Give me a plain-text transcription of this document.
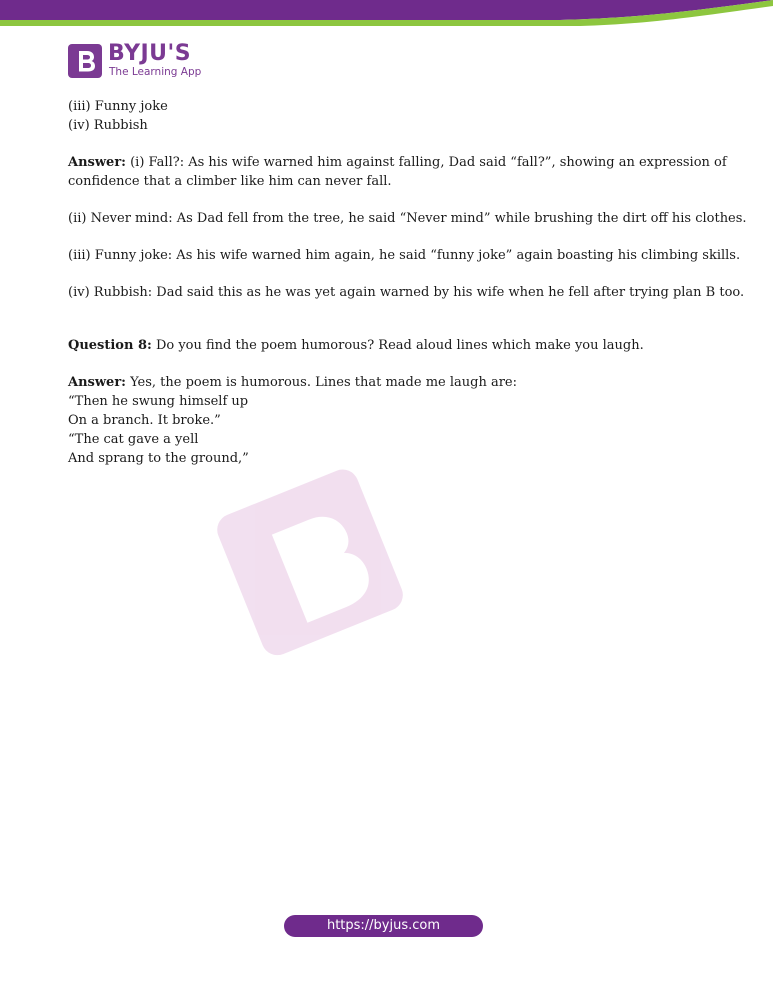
BYJU'S
The Learning App
(iii) Funny joke
(iv) Rubbish
Answer: (i) Fall?: As his wife warned him against falling, Dad said “fall?”, showing an expression of
confidence that a climber like him can never fall.
(ii) Never mind: As Dad fell from the tree, he said “Never mind” while brushing the dirt off his clothes.
(iii) Funny joke: As his wife warned him again, he said “funny joke” again boasting his climbing skills.
(iv) Rubbish: Dad said this as he was yet again warned by his wife when he fell after trying plan B too.
Question 8: Do you find the poem humorous? Read aloud lines which make you laugh.
Answer: Yes, the poem is humorous. Lines that made me laugh are:
“Then he swung himself up
On a branch. It broke.”
“The cat gave a yell
And sprang to the ground,”
https://byjus.com
